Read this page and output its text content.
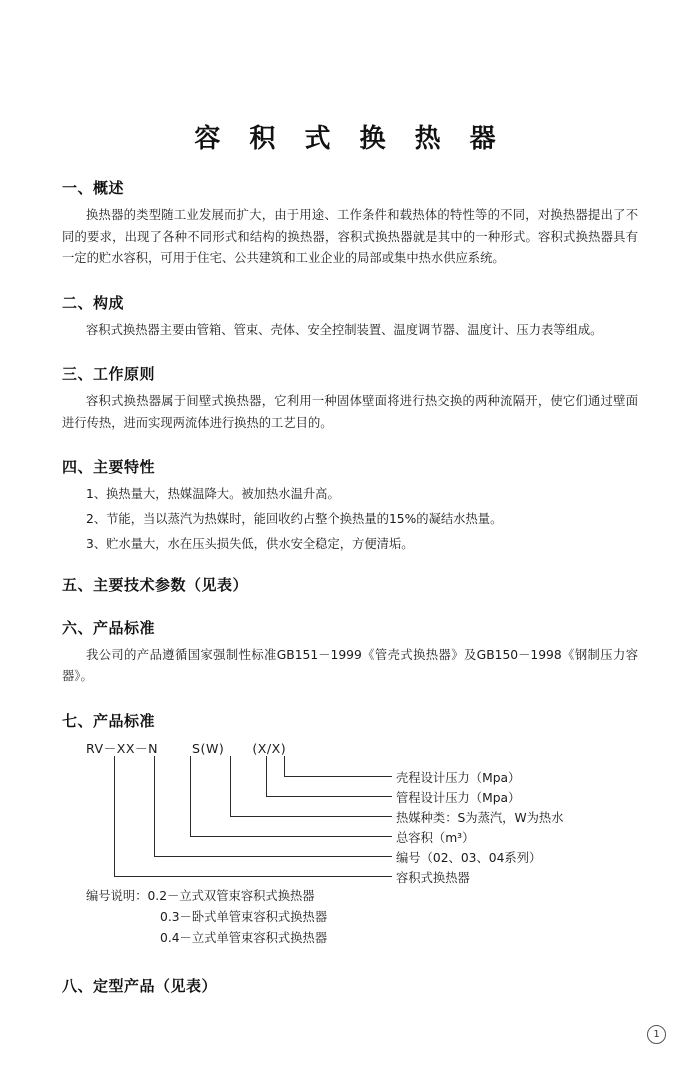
容 积 式 换 热 器
一、概述

换热器的类型随工业发展而扩大，由于用途、工作条件和载热体的特性等的不同，对换热器提出了不同的要求，出现了各种不同形式和结构的换热器，容积式换热器就是其中的一种形式。容积式换热器具有一定的贮水容积，可用于住宅、公共建筑和工业企业的局部或集中热水供应系统。

二、构成

容积式换热器主要由管箱、管束、壳体、安全控制装置、温度调节器、温度计、压力表等组成。

三、工作原则

容积式换热器属于间壁式换热器，它利用一种固体壁面将进行热交换的两种流隔开，使它们通过壁面进行传热，进而实现两流体进行换热的工艺目的。

四、主要特性
1、换热量大，热媒温降大。被加热水温升高。
2、节能，当以蒸汽为热媒时，能回收约占整个换热量的15%的凝结水热量。
3、贮水量大，水在压头损失低，供水安全稳定，方便清垢。
五、主要技术参数（见表）
六、产品标准

我公司的产品遵循国家强制性标准GB151－1999《管壳式换热器》及GB150－1998《钢制压力容器》。

七、产品标准
RV－XX－N	S(W) (X/X)
壳程设计压力（Mpa）
管程设计压力（Mpa）
热媒种类：S为蒸汽，W为热水
总容积（m³）
编号（02、03、04系列）
容积式换热器
编号说明：0.2－立式双管束容积式换热器
0.3－卧式单管束容积式换热器
0.4－立式单管束容积式换热器
八、定型产品（见表）
1
